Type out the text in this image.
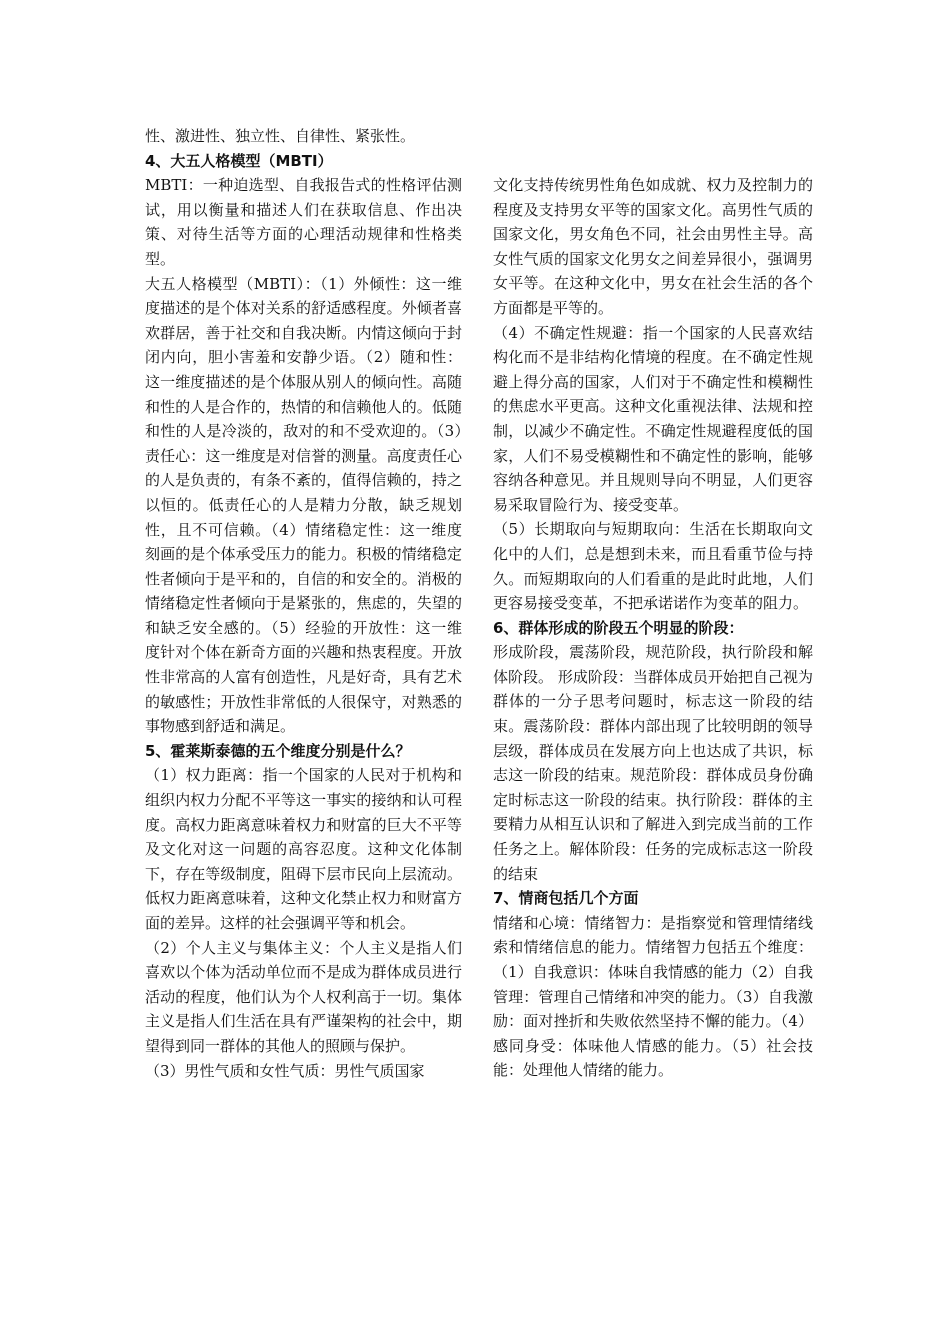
性、激进性、独立性、自律性、紧张性。

4、大五人格模型（MBTI）

MBTI：一种迫选型、自我报告式的性格评估测试，用以衡量和描述人们在获取信息、作出决策、对待生活等方面的心理活动规律和性格类型。

大五人格模型（MBTI）：（1）外倾性：这一维度描述的是个体对关系的舒适感程度。外倾者喜欢群居，善于社交和自我决断。内情这倾向于封闭内向，胆小害羞和安静少语。（2）随和性：这一维度描述的是个体服从别人的倾向性。高随和性的人是合作的，热情的和信赖他人的。低随和性的人是冷淡的，敌对的和不受欢迎的。（3）责任心：这一维度是对信誉的测量。高度责任心的人是负责的，有条不紊的，值得信赖的，持之以恒的。低责任心的人是精力分散，缺乏规划性，且不可信赖。（4）情绪稳定性：这一维度刻画的是个体承受压力的能力。积极的情绪稳定性者倾向于是平和的，自信的和安全的。消极的情绪稳定性者倾向于是紧张的，焦虑的，失望的和缺乏安全感的。（5）经验的开放性：这一维度针对个体在新奇方面的兴趣和热衷程度。开放性非常高的人富有创造性，凡是好奇，具有艺术的敏感性；开放性非常低的人很保守，对熟悉的事物感到舒适和满足。

5、霍莱斯泰德的五个维度分别是什么？

（1）权力距离：指一个国家的人民对于机构和组织内权力分配不平等这一事实的接纳和认可程度。高权力距离意味着权力和财富的巨大不平等及文化对这一问题的高容忍度。这种文化体制下，存在等级制度，阻碍下层市民向上层流动。低权力距离意味着，这种文化禁止权力和财富方面的差异。这样的社会强调平等和机会。

（2）个人主义与集体主义：个人主义是指人们喜欢以个体为活动单位而不是成为群体成员进行活动的程度，他们认为个人权利高于一切。集体主义是指人们生活在具有严谨架构的社会中，期望得到同一群体的其他人的照顾与保护。

（3）男性气质和女性气质：男性气质国家

文化支持传统男性角色如成就、权力及控制力的程度及支持男女平等的国家文化。高男性气质的国家文化，男女角色不同，社会由男性主导。高女性气质的国家文化男女之间差异很小，强调男女平等。在这种文化中，男女在社会生活的各个方面都是平等的。

（4）不确定性规避：指一个国家的人民喜欢结构化而不是非结构化情境的程度。在不确定性规避上得分高的国家，人们对于不确定性和模糊性的焦虑水平更高。这种文化重视法律、法规和控制，以减少不确定性。不确定性规避程度低的国家，人们不易受模糊性和不确定性的影响，能够容纳各种意见。并且规则导向不明显，人们更容易采取冒险行为、接受变革。

（5）长期取向与短期取向：生活在长期取向文化中的人们，总是想到未来，而且看重节俭与持久。而短期取向的人们看重的是此时此地，人们更容易接受变革，不把承诺诺作为变革的阻力。

6、群体形成的阶段五个明显的阶段：

形成阶段，震荡阶段，规范阶段，执行阶段和解体阶段。 形成阶段：当群体成员开始把自己视为群体的一分子思考问题时，标志这一阶段的结束。震荡阶段：群体内部出现了比较明朗的领导层级，群体成员在发展方向上也达成了共识，标志这一阶段的结束。规范阶段：群体成员身份确定时标志这一阶段的结束。执行阶段：群体的主要精力从相互认识和了解进入到完成当前的工作任务之上。解体阶段：任务的完成标志这一阶段的结束

7、情商包括几个方面

情绪和心境：情绪智力：是指察觉和管理情绪线索和情绪信息的能力。情绪智力包括五个维度：（1）自我意识：体味自我情感的能力（2）自我管理：管理自己情绪和冲突的能力。（3）自我激励：面对挫折和失败依然坚持不懈的能力。（4）感同身受：体味他人情感的能力。（5）社会技能：处理他人情绪的能力。
